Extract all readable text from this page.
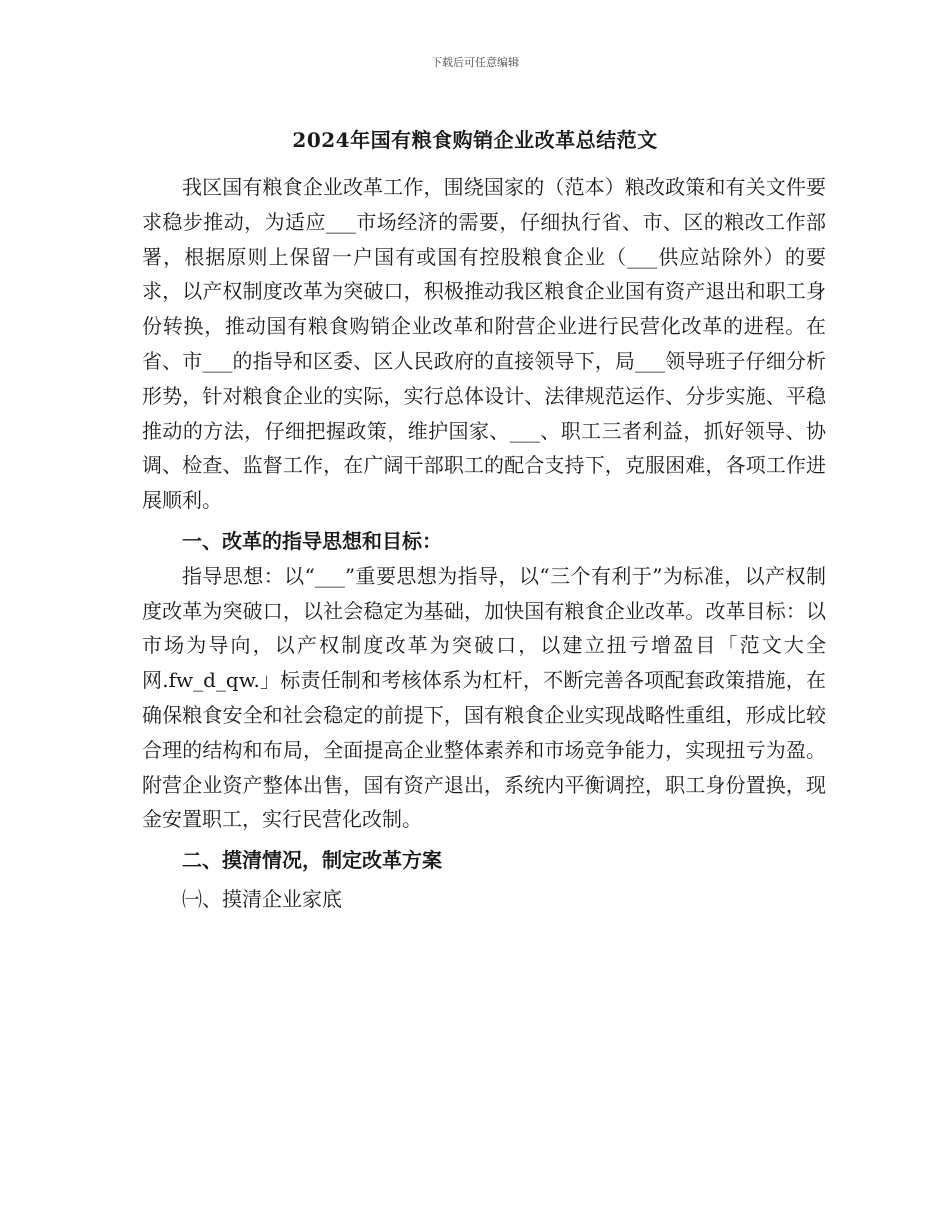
下载后可任意编辑
2024年国有粮食购销企业改革总结范文

我区国有粮食企业改革工作，围绕国家的（范本）粮改政策和有关文件要求稳步推动，为适应___市场经济的需要，仔细执行省、市、区的粮改工作部署，根据原则上保留一户国有或国有控股粮食企业（___供应站除外）的要求，以产权制度改革为突破口，积极推动我区粮食企业国有资产退出和职工身份转换，推动国有粮食购销企业改革和附营企业进行民营化改革的进程。在省、市___的指导和区委、区人民政府的直接领导下，局___领导班子仔细分析形势，针对粮食企业的实际，实行总体设计、法律规范运作、分步实施、平稳推动的方法，仔细把握政策，维护国家、___、职工三者利益，抓好领导、协调、检查、监督工作，在广阔干部职工的配合支持下，克服困难，各项工作进展顺利。

一、改革的指导思想和目标：

指导思想：以“___”重要思想为指导，以“三个有利于”为标准，以产权制度改革为突破口，以社会稳定为基础，加快国有粮食企业改革。改革目标：以市场为导向，以产权制度改革为突破口，以建立扭亏增盈目「范文大全网.fw_d_qw.」标责任制和考核体系为杠杆，不断完善各项配套政策措施，在确保粮食安全和社会稳定的前提下，国有粮食企业实现战略性重组，形成比较合理的结构和布局，全面提高企业整体素养和市场竞争能力，实现扭亏为盈。附营企业资产整体出售，国有资产退出，系统内平衡调控，职工身份置换，现金安置职工，实行民营化改制。

二、摸清情况，制定改革方案

㈠、摸清企业家底
